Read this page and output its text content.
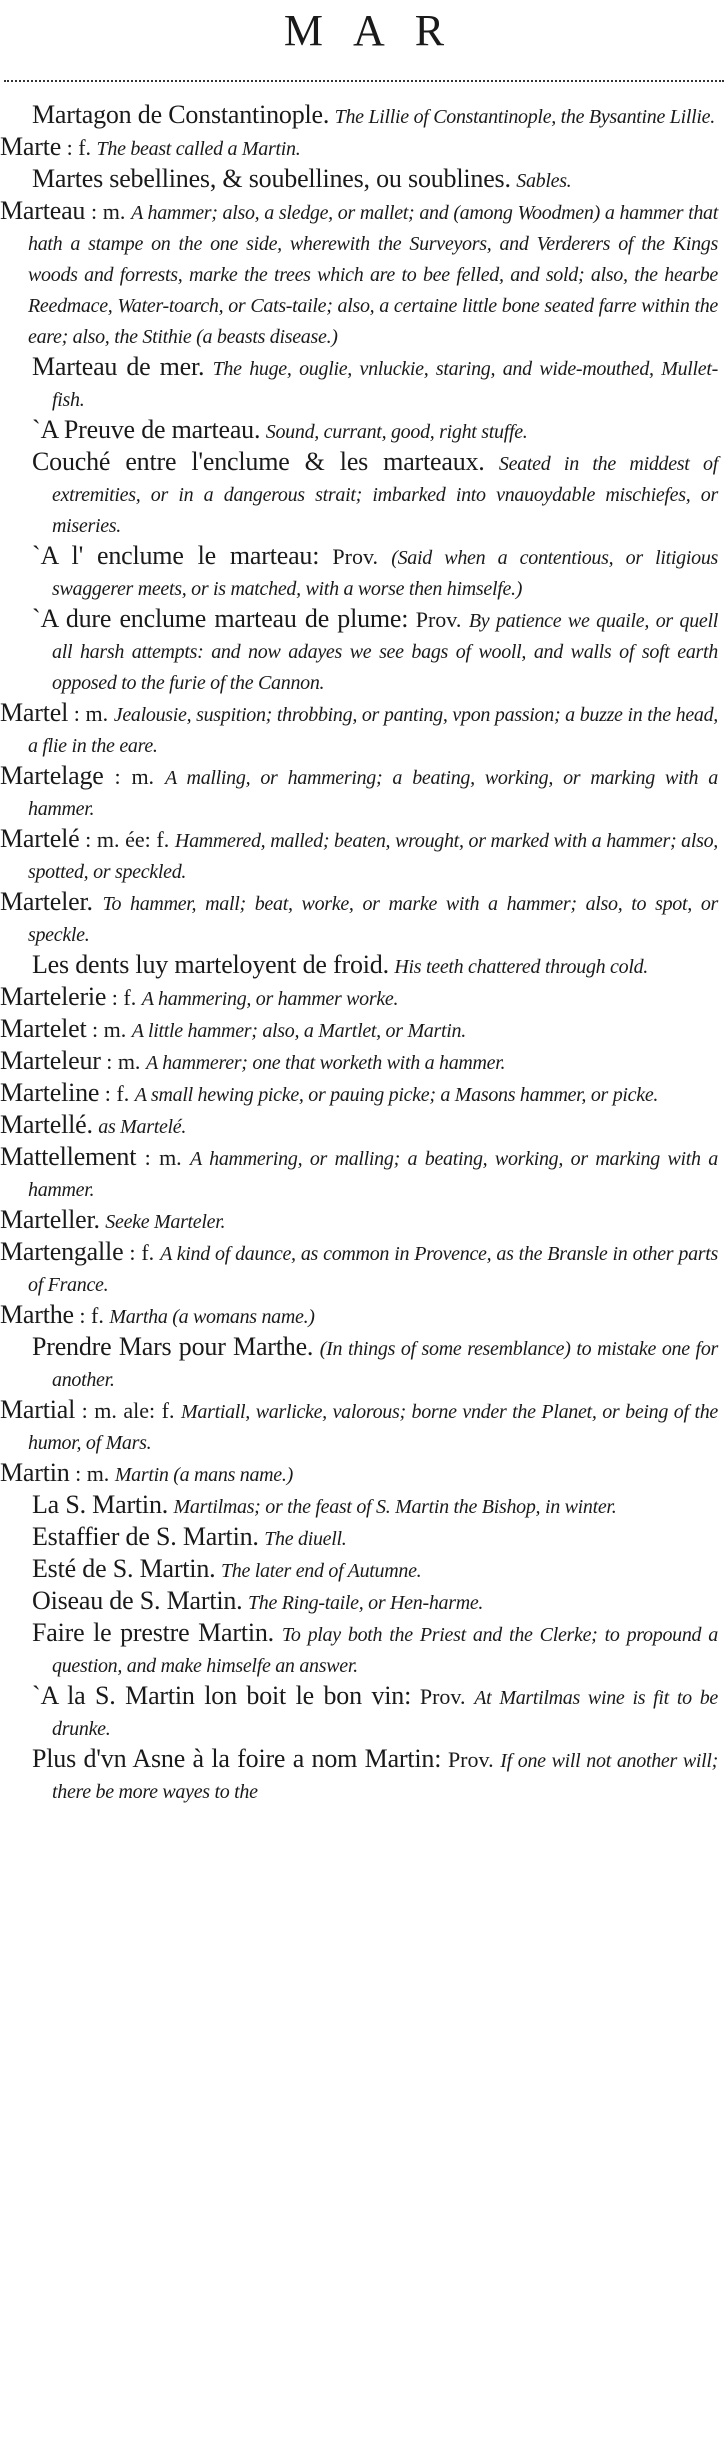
MAR
Martagon de Constantinople. The Lillie of Constantinople, the Bysantine Lillie.
Marte : f. The beast called a Martin.
Martes sebellines, & soubellines, ou soublines. Sables.
Marteau : m. A hammer; also, a sledge, or mallet; and (among Woodmen) a hammer that hath a stampe on the one side, wherewith the Surveyors, and Verderers of the Kings woods and forrests, marke the trees which are to bee felled, and sold; also, the hearbe Reedmace, Water-toarch, or Cats-taile; also, a certaine little bone seated farre within the eare; also, the Stithie (a beasts disease.)
Marteau de mer. The huge, ouglie, vnluckie, staring, and wide-mouthed, Mullet-fish.
`A Preuve de marteau. Sound, currant, good, right stuffe.
Couché entre l'enclume & les marteaux. Seated in the middest of extremities, or in a dangerous strait; imbarked into vnauoydable mischiefes, or miseries.
`A l' enclume le marteau: Prov. (Said when a contentious, or litigious swaggerer meets, or is matched, with a worse then himselfe.)
`A dure enclume marteau de plume: Prov. By patience we quaile, or quell all harsh attempts: and now adayes we see bags of wooll, and walls of soft earth opposed to the furie of the Cannon.
Martel : m. Jealousie, suspition; throbbing, or panting, vpon passion; a buzze in the head, a flie in the eare.
Martelage : m. A malling, or hammering; a beating, working, or marking with a hammer.
Martelé : m. ée: f. Hammered, malled; beaten, wrought, or marked with a hammer; also, spotted, or speckled.
Marteler. To hammer, mall; beat, worke, or marke with a hammer; also, to spot, or speckle.
Les dents luy marteloyent de froid. His teeth chattered through cold.
Martelerie : f. A hammering, or hammer worke.
Martelet : m. A little hammer; also, a Martlet, or Martin.
Marteleur : m. A hammerer; one that worketh with a hammer.
Marteline : f. A small hewing picke, or pauing picke; a Masons hammer, or picke.
Martellé. as Martelé.
Mattellement : m. A hammering, or malling; a beating, working, or marking with a hammer.
Marteller. Seeke Marteler.
Martengalle : f. A kind of daunce, as common in Provence, as the Bransle in other parts of France.
Marthe : f. Martha (a womans name.)
Prendre Mars pour Marthe. (In things of some resemblance) to mistake one for another.
Martial : m. ale: f. Martiall, warlicke, valorous; borne vnder the Planet, or being of the humor, of Mars.
Martin : m. Martin (a mans name.)
La S. Martin. Martilmas; or the feast of S. Martin the Bishop, in winter.
Estaffier de S. Martin. The diuell.
Esté de S. Martin. The later end of Autumne.
Oiseau de S. Martin. The Ring-taile, or Hen-harme.
Faire le prestre Martin. To play both the Priest and the Clerke; to propound a question, and make himselfe an answer.
`A la S. Martin lon boit le bon vin: Prov. At Martilmas wine is fit to be drunke.
Plus d'vn Asne à la foire a nom Martin: Prov. If one will not another will; there be more wayes to the
